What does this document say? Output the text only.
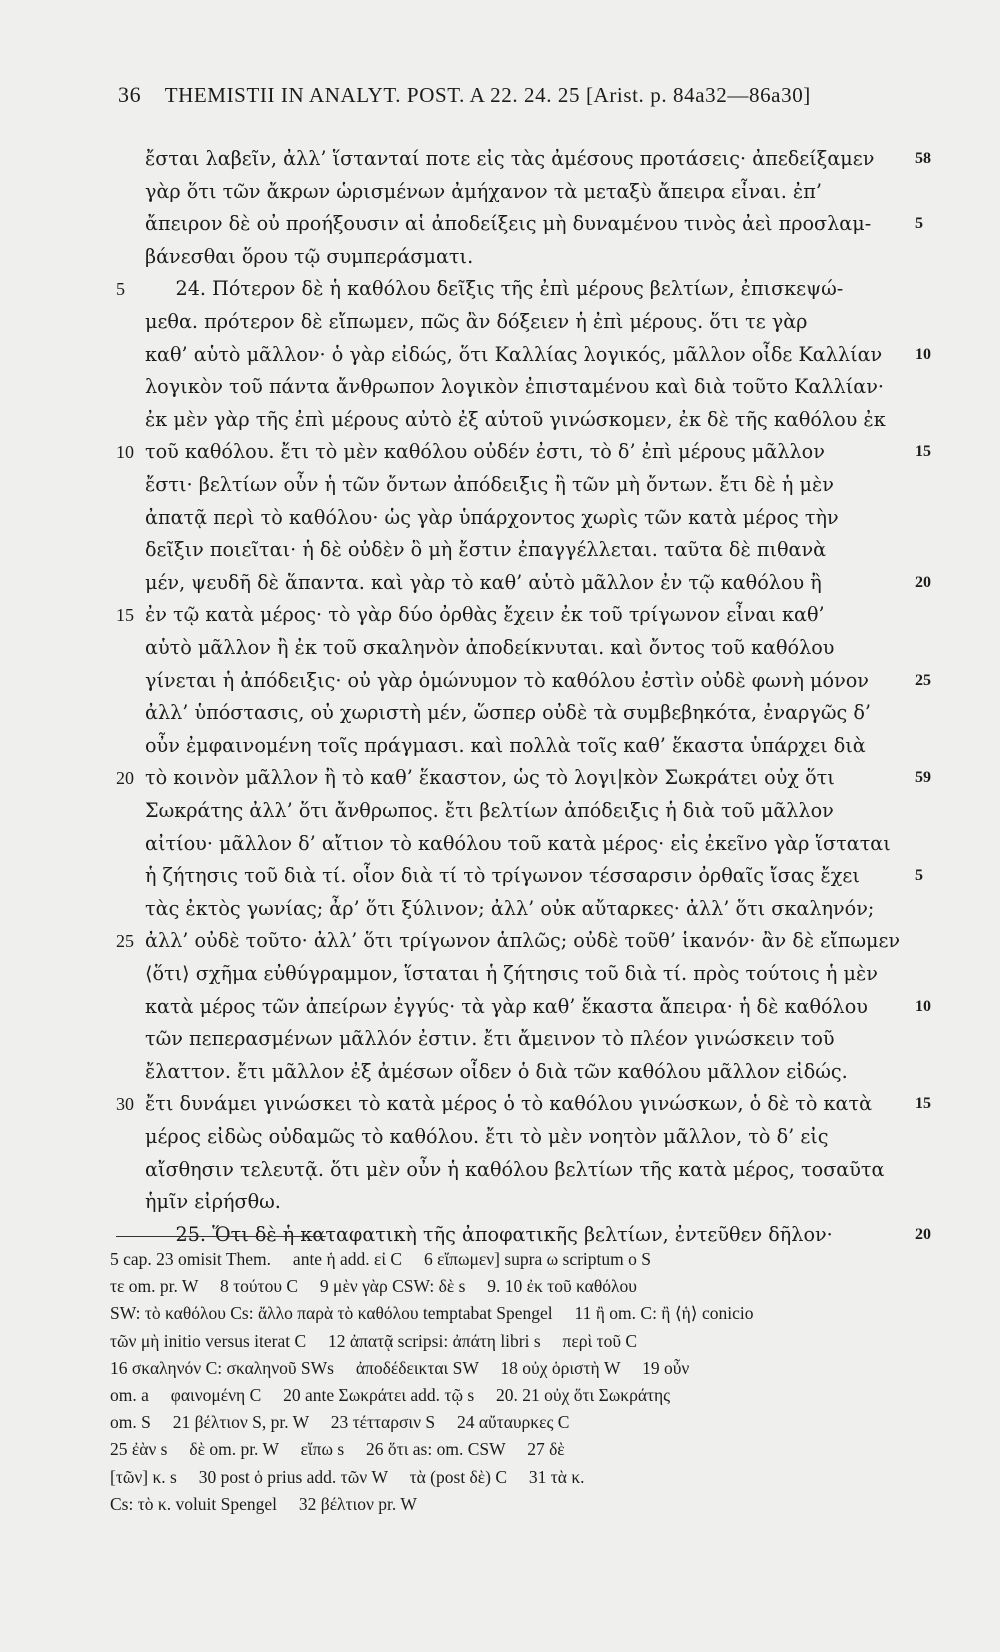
36 THEMISTII IN ANALYT. POST. A 22. 24. 25 [Arist. p. 84a32—86a30]
ἔσται λαβεῖν, ἀλλ’ ἵστανταί ποτε εἰς τὰς ἀμέσους προτάσεις· ἀπεδείξαμεν
γὰρ ὅτι τῶν ἄκρων ὡρισμένων ἀμήχανον τὰ μεταξὺ ἄπειρα εἶναι. ἐπ’
ἄπειρον δὲ οὐ προήξουσιν αἱ ἀποδείξεις μὴ δυναμένου τινὸς ἀεὶ προσλαμ-
βάνεσθαι ὅρου τῷ συμπεράσματι.
24. Πότερον δὲ ἡ καθόλου δεῖξις τῆς ἐπὶ μέρους βελτίων, ἐπισκεψώ-
μεθα. πρότερον δὲ εἴπωμεν, πῶς ἂν δόξειεν ἡ ἐπὶ μέρους. ὅτι τε γὰρ
καθ’ αὑτὸ μᾶλλον· ὁ γὰρ εἰδώς, ὅτι Καλλίας λογικός, μᾶλλον οἶδε Καλλίαν
λογικὸν τοῦ πάντα ἄνθρωπον λογικὸν ἐπισταμένου καὶ διὰ τοῦτο Καλλίαν·
ἐκ μὲν γὰρ τῆς ἐπὶ μέρους αὐτὸ ἐξ αὑτοῦ γινώσκομεν, ἐκ δὲ τῆς καθόλου ἐκ
τοῦ καθόλου. ἔτι τὸ μὲν καθόλου οὐδέν ἐστι, τὸ δ’ ἐπὶ μέρους μᾶλλον
ἔστι· βελτίων οὖν ἡ τῶν ὄντων ἀπόδειξις ἢ τῶν μὴ ὄντων. ἔτι δὲ ἡ μὲν
ἀπατᾷ περὶ τὸ καθόλου· ὡς γὰρ ὑπάρχοντος χωρὶς τῶν κατὰ μέρος τὴν
δεῖξιν ποιεῖται· ἡ δὲ οὐδὲν ὃ μὴ ἔστιν ἐπαγγέλλεται. ταῦτα δὲ πιθανὰ
μέν, ψευδῆ δὲ ἅπαντα. καὶ γὰρ τὸ καθ’ αὑτὸ μᾶλλον ἐν τῷ καθόλου ἢ
ἐν τῷ κατὰ μέρος· τὸ γὰρ δύο ὀρθὰς ἔχειν ἐκ τοῦ τρίγωνον εἶναι καθ’
αὑτὸ μᾶλλον ἢ ἐκ τοῦ σκαληνὸν ἀποδείκνυται. καὶ ὄντος τοῦ καθόλου
γίνεται ἡ ἀπόδειξις· οὐ γὰρ ὁμώνυμον τὸ καθόλου ἐστὶν οὐδὲ φωνὴ μόνον
ἀλλ’ ὑπόστασις, οὐ χωριστὴ μέν, ὥσπερ οὐδὲ τὰ συμβεβηκότα, ἐναργῶς δ’
οὖν ἐμφαινομένη τοῖς πράγμασι. καὶ πολλὰ τοῖς καθ’ ἕκαστα ὑπάρχει διὰ
τὸ κοινὸν μᾶλλον ἢ τὸ καθ’ ἕκαστον, ὡς τὸ λογι|κὸν Σωκράτει οὐχ ὅτι
Σωκράτης ἀλλ’ ὅτι ἄνθρωπος. ἔτι βελτίων ἀπόδειξις ἡ διὰ τοῦ μᾶλλον
αἰτίου· μᾶλλον δ’ αἴτιον τὸ καθόλου τοῦ κατὰ μέρος· εἰς ἐκεῖνο γὰρ ἵσταται
ἡ ζήτησις τοῦ διὰ τί. οἷον διὰ τί τὸ τρίγωνον τέσσαρσιν ὀρθαῖς ἴσας ἔχει
τὰς ἐκτὸς γωνίας; ἆρ’ ὅτι ξύλινον; ἀλλ’ οὐκ αὔταρκες· ἀλλ’ ὅτι σκαληνόν;
ἀλλ’ οὐδὲ τοῦτο· ἀλλ’ ὅτι τρίγωνον ἁπλῶς; οὐδὲ τοῦθ’ ἱκανόν· ἂν δὲ εἴπωμεν
⟨ὅτι⟩ σχῆμα εὐθύγραμμον, ἵσταται ἡ ζήτησις τοῦ διὰ τί. πρὸς τούτοις ἡ μὲν
κατὰ μέρος τῶν ἀπείρων ἐγγύς· τὰ γὰρ καθ’ ἕκαστα ἄπειρα· ἡ δὲ καθόλου
τῶν πεπερασμένων μᾶλλόν ἐστιν. ἔτι ἄμεινον τὸ πλέον γινώσκειν τοῦ
ἔλαττον. ἔτι μᾶλλον ἐξ ἀμέσων οἶδεν ὁ διὰ τῶν καθόλου μᾶλλον εἰδώς.
ἔτι δυνάμει γινώσκει τὸ κατὰ μέρος ὁ τὸ καθόλου γινώσκων, ὁ δὲ τὸ κατὰ
μέρος εἰδὼς οὐδαμῶς τὸ καθόλου. ἔτι τὸ μὲν νοητὸν μᾶλλον, τὸ δ’ εἰς
αἴσθησιν τελευτᾷ. ὅτι μὲν οὖν ἡ καθόλου βελτίων τῆς κατὰ μέρος, τοσαῦτα
ἡμῖν εἰρήσθω.
25. Ὅτι δὲ ἡ καταφατικὴ τῆς ἀποφατικῆς βελτίων, ἐντεῦθεν δῆλον·
5
10
15
20
25
30
58
5
10
15
20
25
59
5
10
15
20
5 cap. 23 omisit Them.     ante ἡ add. εἰ C     6 εἴπωμεν] supra ω scriptum ο S
τε om. pr. W     8 τούτου C     9 μὲν γὰρ CSW: δὲ s     9. 10 ἐκ τοῦ καθόλου
SW: τὸ καθόλου Cs: ἄλλο παρὰ τὸ καθόλου temptabat Spengel     11 ἢ om. C: ἢ ⟨ἡ⟩ conicio
τῶν μὴ initio versus iterat C     12 ἀπατᾷ scripsi: ἀπάτη libri s     περὶ τοῦ C
16 σκαληνόν C: σκαληνοῦ SWs     ἀποδέδεικται SW     18 οὐχ ὁριστὴ W     19 οὖν
om. a     φαινομένη C     20 ante Σωκράτει add. τῷ s     20. 21 οὐχ ὅτι Σωκράτης
om. S     21 βέλτιον S, pr. W     23 τέτταρσιν S     24 αὔταυρκες C
25 ἐὰν s     δὲ om. pr. W     εἴπω s     26 ὅτι as: om. CSW     27 δὲ
[τῶν] κ. s     30 post ὁ prius add. τῶν W     τὰ (post δὲ) C     31 τὰ κ.
Cs: τὸ κ. voluit Spengel     32 βέλτιον pr. W
